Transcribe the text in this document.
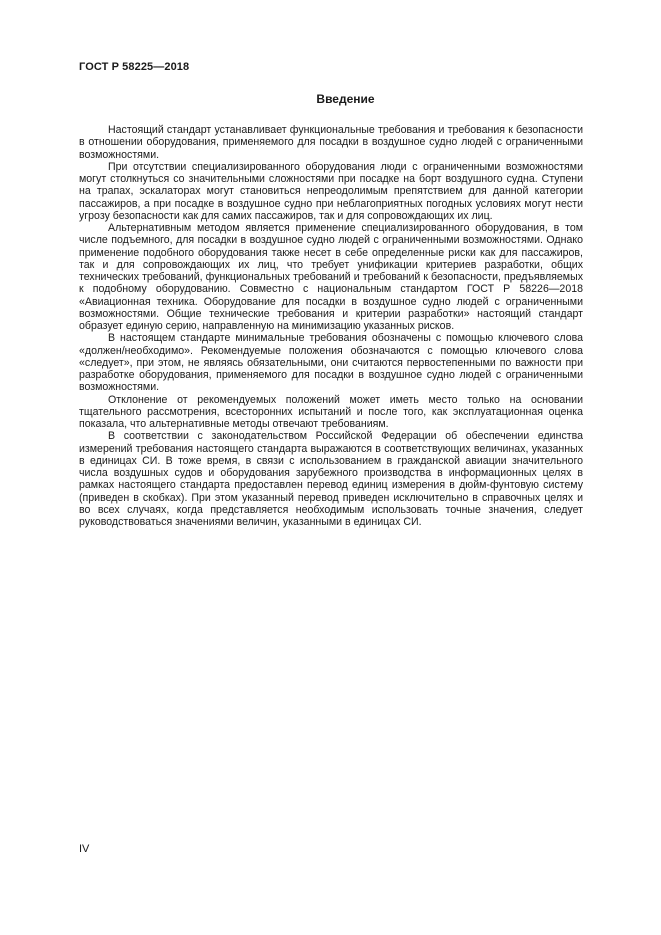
ГОСТ Р 58225—2018
Введение

Настоящий стандарт устанавливает функциональные требования и требования к безопасности в отношении оборудования, применяемого для посадки в воздушное судно людей с ограниченными возможностями.

При отсутствии специализированного оборудования люди с ограниченными возможностями могут столкнуться со значительными сложностями при посадке на борт воздушного судна. Ступени на трапах, эскалаторах могут становиться непреодолимым препятствием для данной категории пассажиров, а при посадке в воздушное судно при неблагоприятных погодных условиях могут нести угрозу безопасности как для самих пассажиров, так и для сопровождающих их лиц.

Альтернативным методом является применение специализированного оборудования, в том числе подъемного, для посадки в воздушное судно людей с ограниченными возможностями. Однако применение подобного оборудования также несет в себе определенные риски как для пассажиров, так и для сопровождающих их лиц, что требует унификации критериев разработки, общих технических требований, функциональных требований и требований к безопасности, предъявляемых к подобному оборудованию. Совместно с национальным стандартом ГОСТ Р 58226—2018 «Авиационная техника. Оборудование для посадки в воздушное судно людей с ограниченными возможностями. Общие технические требования и критерии разработки» настоящий стандарт образует единую серию, направленную на минимизацию указанных рисков.

В настоящем стандарте минимальные требования обозначены с помощью ключевого слова «должен/необходимо». Рекомендуемые положения обозначаются с помощью ключевого слова «следует», при этом, не являясь обязательными, они считаются первостепенными по важности при разработке оборудования, применяемого для посадки в воздушное судно людей с ограниченными возможностями.

Отклонение от рекомендуемых положений может иметь место только на основании тщательного рассмотрения, всесторонних испытаний и после того, как эксплуатационная оценка показала, что альтернативные методы отвечают требованиям.

В соответствии с законодательством Российской Федерации об обеспечении единства измерений требования настоящего стандарта выражаются в соответствующих величинах, указанных в единицах СИ. В тоже время, в связи с использованием в гражданской авиации значительного числа воздушных судов и оборудования зарубежного производства в информационных целях в рамках настоящего стандарта предоставлен перевод единиц измерения в дюйм-фунтовую систему (приведен в скобках). При этом указанный перевод приведен исключительно в справочных целях и во всех случаях, когда представляется необходимым использовать точные значения, следует руководствоваться значениями величин, указанными в единицах СИ.

IV
